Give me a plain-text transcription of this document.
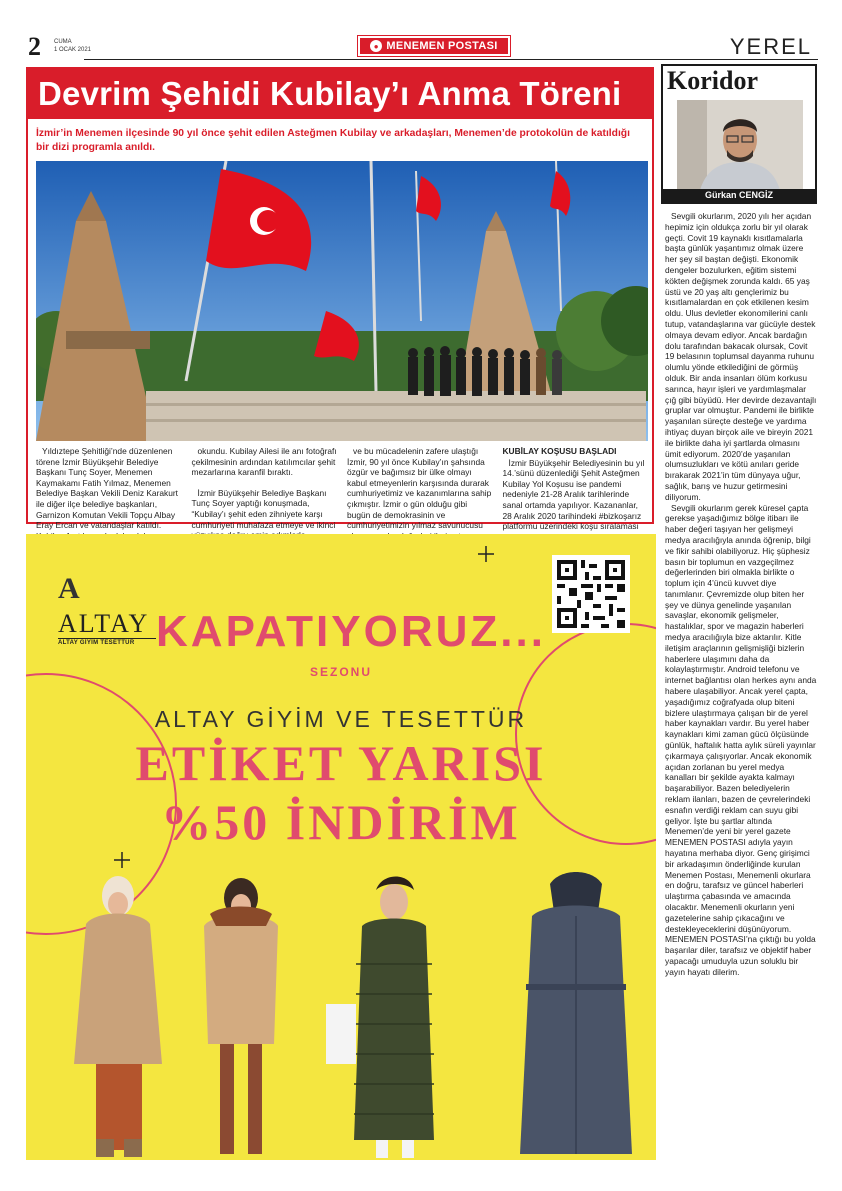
2 CUMA
1 OCAK 2021	● MENEMEN POSTASI	YEREL
Devrim Şehidi Kubilay’ı Anma Töreni
İzmir’in Menemen ilçesinde 90 yıl önce şehit edilen Asteğmen Kubilay ve arkadaşları, Menemen’de protokolün de katıldığı bir dizi programla anıldı.

Yıldıztepe Şehitliği’nde düzenlenen törene İzmir Büyükşehir Belediye Başkanı Tunç Soyer, Menemen Kaymakamı Fatih Yılmaz, Menemen Belediye Başkan Vekili Deniz Karakurt ile diğer ilçe belediye başkanları, Garnizon Komutan Vekili Topçu Albay Eray Ercan ve vatandaşlar katıldı.

okundu. Kubilay Ailesi ile anı fotoğrafı çekilmesinin ardından katılımcılar şehit mezarlarına karanfil bıraktı.

İzmir Büyükşehir Belediye Başkanı Tunç Soyer yaptığı konuşmada, “Kubilay’ı şehit eden zihniyete karşı cumhuriyeti muhafaza etmeye ve ikinci

ve bu mücadelenin zafere ulaştığı İzmir, 90 yıl önce Kubilay’ın şahsında özgür ve bağımsız bir ülke olmayı kabul etmeyenlerin karşısında durarak cumhuriyetimiz ve kazanımlarına sahip çıkmıştır. İzmir o gün olduğu gibi bugün de demokrasinin ve cumhuriyetimizin yılmaz savunucusu

KUBİLAY KOŞUSU BAŞLADI

İzmir Büyükşehir Belediyesinin bu yıl 14.’sünü düzenlediği Şehit Asteğmen Kubilay Yol Koşusu ise pandemi nedeniyle 21-28 Aralık tarihlerinde sanal ortamda yapılıyor. Kazananlar, 28 Aralık 2020 tarihindeki #bizkoşarız platformu üzerindeki koşu sıralaması

Koridor
Gürkan CENGİZ

Sevgili okurlarım, 2020 yılı her açıdan hepimiz için oldukça zorlu bir yıl olarak geçti. Covit 19 kaynaklı kısıtlamalarla başta günlük yaşantımız olmak üzere her şey sil baştan değişti. Ekonomik dengeler bozulurken, eğitim sistemi kökten değişmek zorunda kaldı. 65 yaş üstü ve 20 yaş altı gençlerimiz bu kısıtlamalardan en çok etkilenen kesim oldu. Ulus devletler ekonomilerini canlı tutup, vatandaşlarına var gücüyle destek olmaya devam ediyor. Ancak bardağın dolu tarafından bakacak olursak, Covit 19 belasının toplumsal dayanma ruhunu olumlu yönde etkilediğini de görmüş olduk. Bir anda insanları ölüm korkusu sarınca, hayır işleri ve yardımlaşmalar çığ gibi büyüdü. Her devirde dezavantajlı gruplar var olmuştur. Pandemi ile birlikte yaşanılan süreçte desteğe ve yardıma ihtiyaç duyan birçok aile ve bireyin 2021 ile birlikte daha iyi şartlarda olmasını ümit ediyorum. 2020’de yaşanılan olumsuzlukları ve kötü anıları geride bırakarak 2021’in tüm dünyaya uğur, sağlık, barış ve huzur getirmesini diliyorum.

Sevgili okurlarım gerek küresel çapta gerekse yaşadığımız bölge itibarı ile haber değeri taşıyan her gelişmeyi medya aracılığıyla anında öğrenip, bilgi ve fikir sahibi olabiliyoruz. Hiç şüphesiz basın bir toplumun en vazgeçilmez değerlerinden biri olmakla birlikte o toplum için 4’üncü kuvvet diye tanımlanır. Çevremizde olup biten her şey ve dünya genelinde yaşanılan savaşlar, ekonomik gelişmeler, hastalıklar, spor ve magazin haberleri medya aracılığıyla bize aktarılır. Kitle iletişim araçlarının gelişmişliği bizlerin haberlere ulaşımını daha da kolaylaştırmıştır. Android telefonu ve internet bağlantısı olan herkes aynı anda habere ulaşabiliyor. Ancak yerel çapta, yaşadığımız coğrafyada olup biteni bizlere ulaştırmaya çalışan bir de yerel haber kaynakları vardır. Bu yerel haber kaynakları kimi zaman gücü ölçüsünde günlük, haftalık hatta aylık süreli yayınlar çıkarmaya çalışıyorlar. Ancak ekonomik açıdan zorlanan bu yerel medya kanalları bir şekilde ayakta kalmayı başarabiliyor. Bazen belediyelerin reklam ilanları, bazen de çevrelerindeki esnafın verdiği reklam can suyu gibi geliyor. İşte bu şartlar altında Menemen’de yeni bir yerel gazete MENEMEN POSTASI adıyla yayın hayatına merhaba diyor. Genç girişimci bir arkadaşımın önderliğinde kurulan Menemen Postası, Menemenli okurlara en doğru, tarafsız ve güncel haberleri ulaştırma çabasında ve amacında olacaktır. Menemenli okurların yeni gazetelerine sahip çıkacağını ve destekleyeceklerini düşünüyorum. MENEMEN POSTASI’na çıktığı bu yolda başarılar diler, tarafsız ve objektif haber yapacağı umuduyla uzun soluklu bir yayın hayatı dilerim.

A
ALTAY
ALTAY GİYİM TESETTÜR KAPATIYORUZ...
SEZONU
ALTAY GİYİM VE TESETTÜR
ETİKET YARISI
%50 İNDİRİM
